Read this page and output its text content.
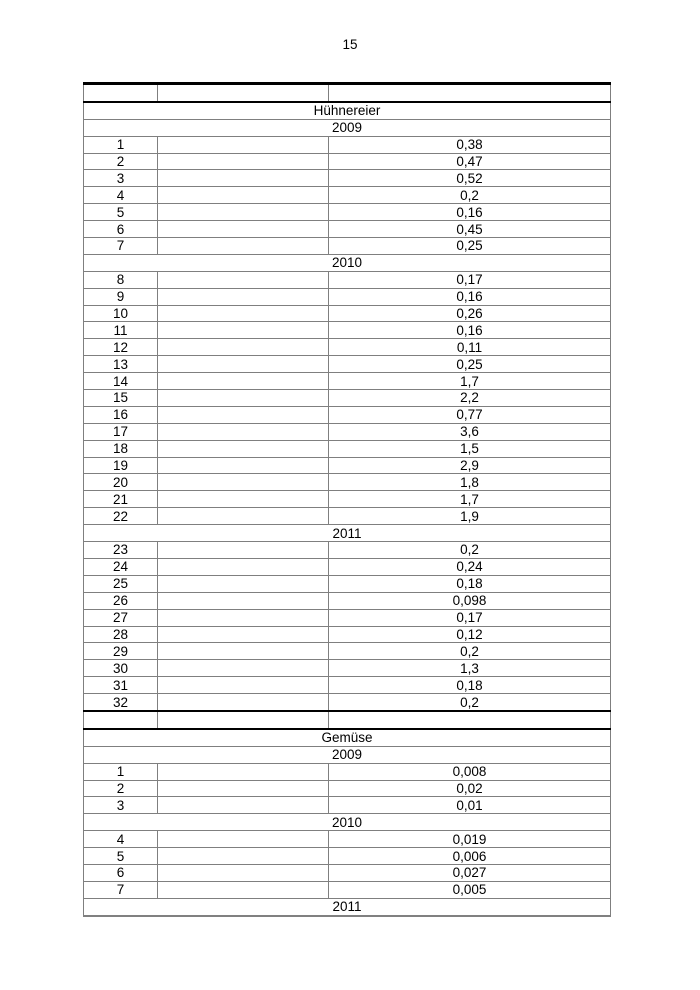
15

Hühnereier		
2009		
1		0,38
2		0,47
3		0,52
4		0,2
5		0,16
6		0,45
7		0,25
2010		
8		0,17
9		0,16
10		0,26
11		0,16
12		0,11
13		0,25
14		1,7
15		2,2
16		0,77
17		3,6
18		1,5
19		2,9
20		1,8
21		1,7
22		1,9
2011		
23		0,2
24		0,24
25		0,18
26		0,098
27		0,17
28		0,12
29		0,2
30		1,3
31		0,18
32		0,2

Gemüse		
2009		
1		0,008
2		0,02
3		0,01
2010		
4		0,019
5		0,006
6		0,027
7		0,005
2011		
